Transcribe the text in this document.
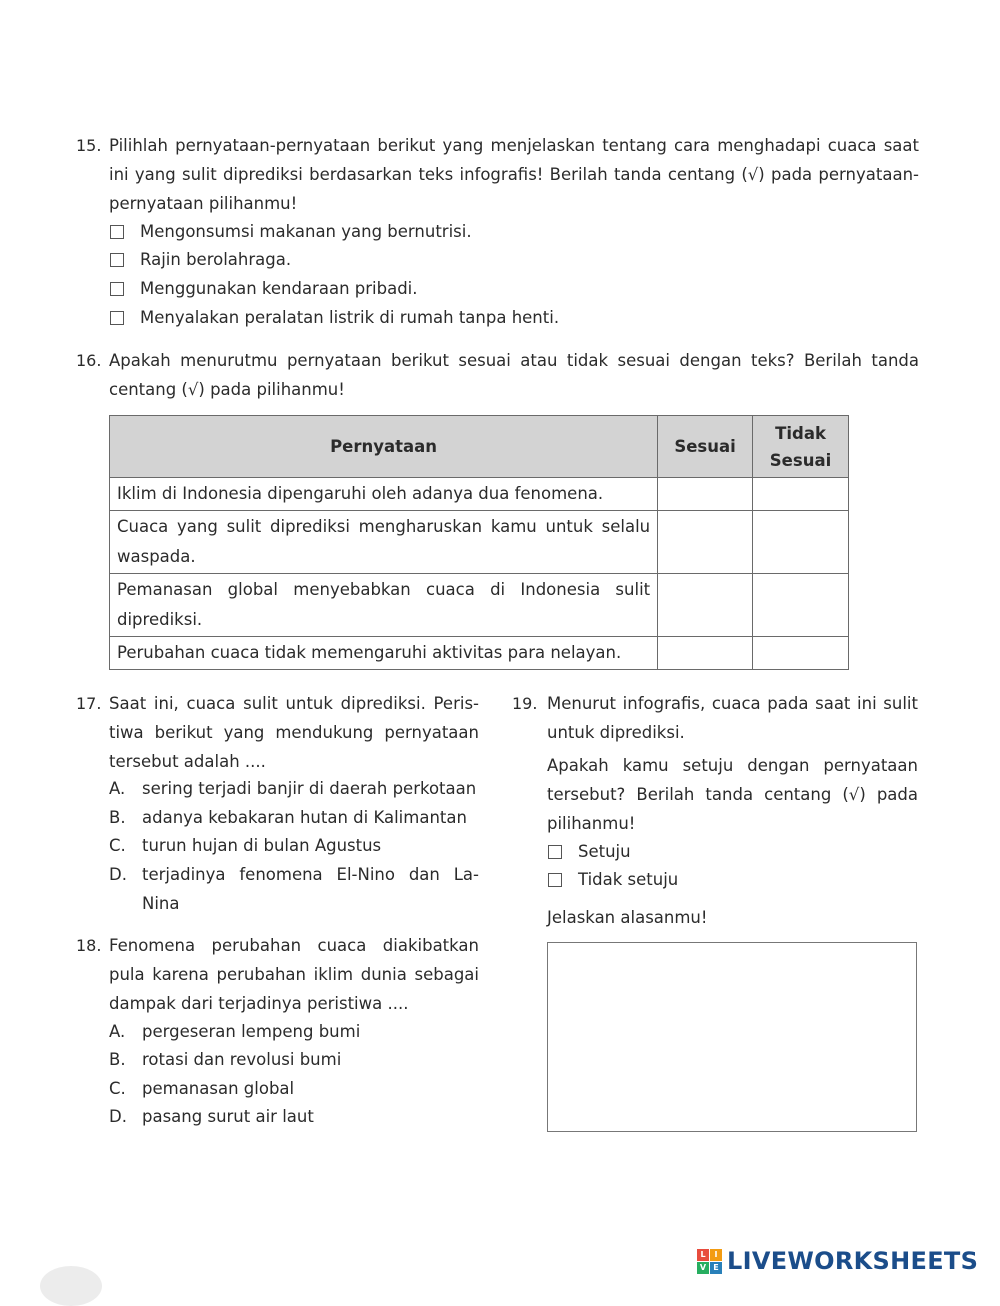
15. Pilihlah pernyataan-pernyataan berikut yang menjelaskan tentang cara menghadapi cuaca saat
ini yang sulit diprediksi berdasarkan teks infografis! Berilah tanda centang (√) pada pernyataan-
pernyataan pilihanmu!
Mengonsumsi makanan yang bernutrisi.
Rajin berolahraga.
Menggunakan kendaraan pribadi.
Menyalakan peralatan listrik di rumah tanpa henti.
16. Apakah menurutmu pernyataan berikut sesuai atau tidak sesuai dengan teks? Berilah tanda
centang (√) pada pilihanmu!
Pernyataan	Sesuai	Tidak
Sesuai

Iklim di Indonesia dipengaruhi oleh adanya dua fenomena.		
Cuaca yang sulit diprediksi mengharuskan kamu untuk selalu waspada.		
Pemanasan global menyebabkan cuaca di Indonesia sulit diprediksi.		
Perubahan cuaca tidak memengaruhi aktivitas para nelayan.		
17. Saat ini, cuaca sulit untuk diprediksi. Peris-
tiwa berikut yang mendukung pernyataan
tersebut adalah ....
A. sering terjadi banjir di daerah perkotaan
B. adanya kebakaran hutan di Kalimantan
C. turun hujan di bulan Agustus
D. terjadinya fenomena El-Nino dan La-
Nina
18. Fenomena perubahan cuaca diakibatkan
pula karena perubahan iklim dunia sebagai
dampak dari terjadinya peristiwa ....
A. pergeseran lempeng bumi
B. rotasi dan revolusi bumi
C. pemanasan global
D. pasang surut air laut
19. Menurut infografis, cuaca pada saat ini sulit
untuk diprediksi.
Apakah kamu setuju dengan pernyataan
tersebut? Berilah tanda centang (√) pada
pilihanmu!
Setuju
Tidak setuju
Jelaskan alasanmu!
L	I
V E LIVEWORKSHEETS
